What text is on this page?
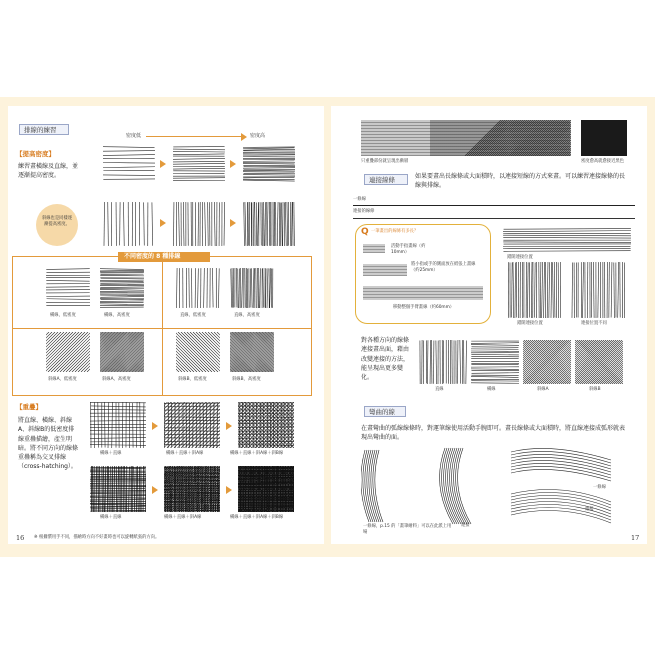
排線的練習
密度低	密度高
【提高密度】
練習畫橫線及直線，並逐漸提高密度。
斜線也是同樣逐漸提高密度。
不同密度的 8 種排線
橫線，低密度	橫線，高密度	直線，低密度	直線，高密度
斜線A，低密度	斜線A，高密度	斜線B，低密度	斜線B，高密度
【重疊】
將直線、橫線、斜線A、斜線B的低密度排線重疊描繪，產生明暗。將不同方向的線條重疊稱為交叉排線（cross-hatching）。
橫線＋直線	橫線＋直線＋斜A線	橫線＋直線＋斜A線＋斜B線
橫線＋直線	橫線＋直線＋斜A線	橫線＋直線＋斜A線＋斜B線
16 ※ 根據慣用手不同，描繪時方向不好畫時也可以旋轉紙張的方向。
只重疊部份就呈現出漸層	密度愈高就愈接近黑色
連接線條	如果要畫出長線條或大面積時，以連接短線的方式來畫。可以練習連接線條的長線與排線。
一條線
連接的線條
Q 一筆畫出的線條有多長？
活動手指畫線（約10mm）
將小指或手的側面放在紙張上畫線（約25mm）
移動整個手臂畫線（約60mm）
錯開連接位置
錯開連接位置	連接位置不同
對各種方向的線條連接畫出面，藉由改變連接的方法，能呈現出更多變化。
直線	橫線	斜線A	斜線B
彎曲的線
在畫彎曲的弧線線條時，對運筆線使用活動手腕即可。畫長線條或大面積時，將直線連接成弧形就表現出彎曲的面。
一條線
連接
連接
一條線，p.15 的「畫筆繪料」可以在此派上用場
17
